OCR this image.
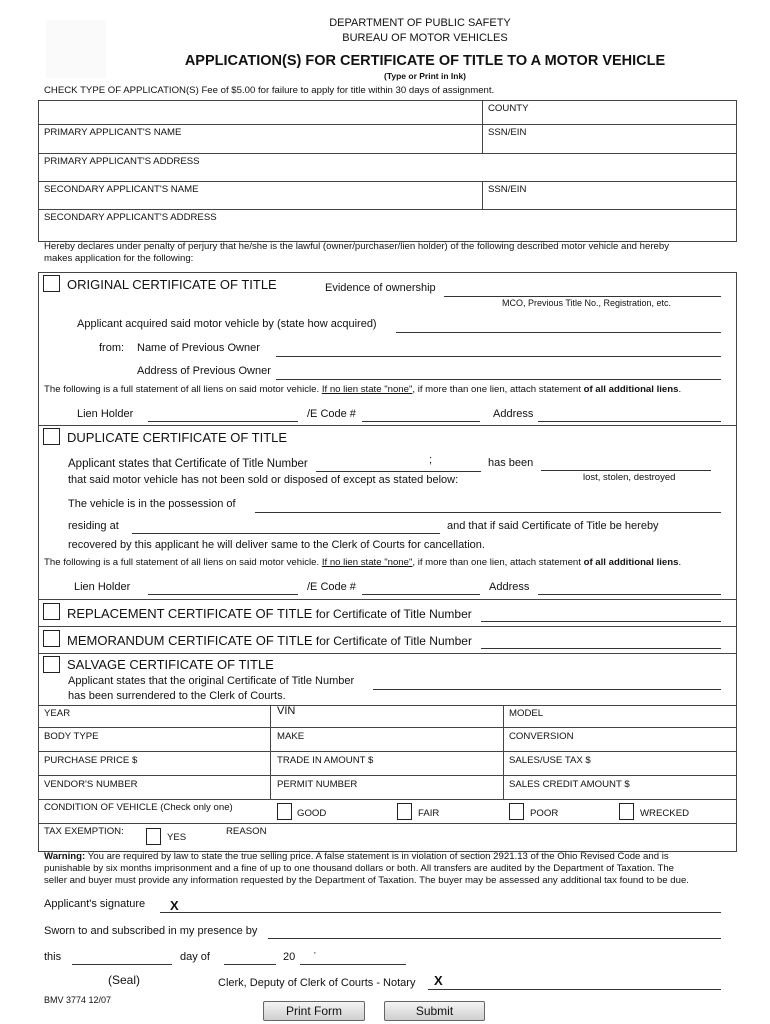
DEPARTMENT OF PUBLIC SAFETY
BUREAU OF MOTOR VEHICLES
APPLICATION(S) FOR CERTIFICATE OF TITLE TO A MOTOR VEHICLE
(Type or Print in Ink)
CHECK TYPE OF APPLICATION(S) Fee of $5.00 for failure to apply for title within 30 days of assignment.
COUNTY
PRIMARY APPLICANT'S NAME	SSN/EIN
PRIMARY APPLICANT'S ADDRESS
SECONDARY APPLICANT'S NAME	SSN/EIN
SECONDARY APPLICANT'S ADDRESS
Hereby declares under penalty of perjury that he/she is the lawful (owner/purchaser/lien holder) of the following described motor vehicle and hereby
makes application for the following:
ORIGINAL CERTIFICATE OF TITLE	Evidence of ownership
MCO, Previous Title No., Registration, etc.
Applicant acquired said motor vehicle by (state how acquired)
from: Name of Previous Owner
Address of Previous Owner
The following is a full statement of all liens on said motor vehicle. If no lien state "none", if more than one lien, attach statement of all additional liens.
Lien Holder	/E Code #	Address
DUPLICATE CERTIFICATE OF TITLE
Applicant states that Certificate of Title Number	;	has been
that said motor vehicle has not been sold or disposed of except as stated below:	lost, stolen, destroyed
The vehicle is in the possession of
residing at	and that if said Certificate of Title be hereby
recovered by this applicant he will deliver same to the Clerk of Courts for cancellation.
The following is a full statement of all liens on said motor vehicle. If no lien state "none", if more than one lien, attach statement of all additional liens.
Lien Holder	/E Code #	Address
REPLACEMENT CERTIFICATE OF TITLE for Certificate of Title Number
MEMORANDUM CERTIFICATE OF TITLE for Certificate of Title Number
SALVAGE CERTIFICATE OF TITLE
Applicant states that the original Certificate of Title Number
has been surrendered to the Clerk of Courts.
YEAR	VIN	MODEL
BODY TYPE	MAKE	CONVERSION
PURCHASE PRICE $	TRADE IN AMOUNT $	SALES/USE TAX $
VENDOR'S NUMBER	PERMIT NUMBER	SALES CREDIT AMOUNT $
CONDITION OF VEHICLE (Check only one)
GOOD	FAIR	POOR	WRECKED
TAX EXEMPTION:
YES
REASON
Warning: You are required by law to state the true selling price. A false statement is in violation of section 2921.13 of the Ohio Revised Code and is
punishable by six months imprisonment and a fine of up to one thousand dollars or both. All transfers are audited by the Department of Taxation. The
seller and buyer must provide any information requested by the Department of Taxation. The buyer may be assessed any additional tax found to be due.
Applicant's signature X
Sworn to and subscribed in my presence by
this	day of	20 ·
(Seal)	Clerk, Deputy of Clerk of Courts - Notary X
BMV 3774 12/07
Print Form	Submit
